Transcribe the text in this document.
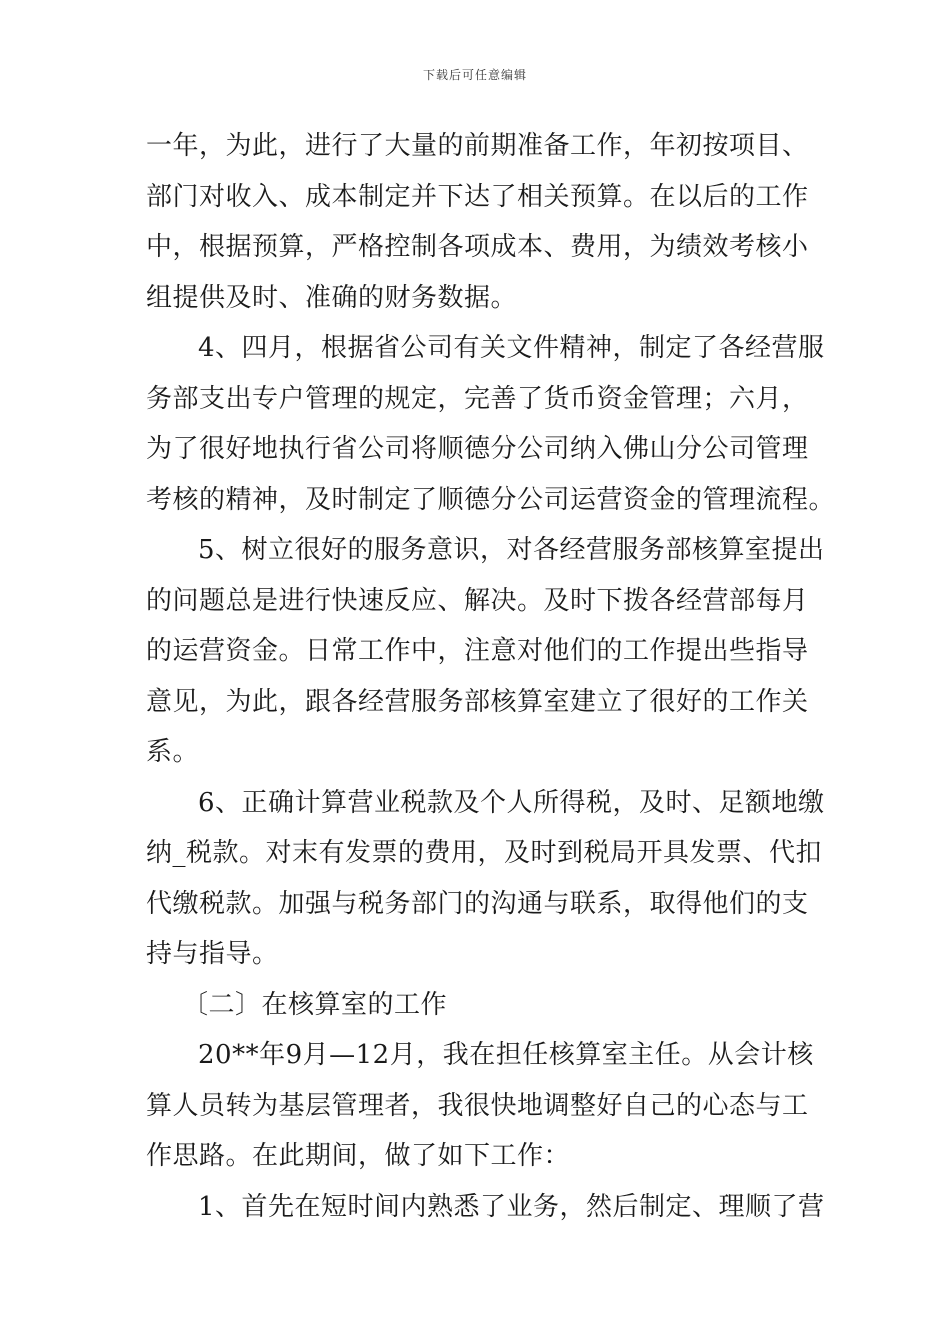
下载后可任意编辑
一年，为此，进行了大量的前期准备工作，年初按项目、
部门对收入、成本制定并下达了相关预算。在以后的工作
中，根据预算，严格控制各项成本、费用，为绩效考核小
组提供及时、准确的财务数据。
4、四月，根据省公司有关文件精神，制定了各经营服
务部支出专户管理的规定，完善了货币资金管理；六月，
为了很好地执行省公司将顺德分公司纳入佛山分公司管理
考核的精神，及时制定了顺德分公司运营资金的管理流程。
5、树立很好的服务意识，对各经营服务部核算室提出
的问题总是进行快速反应、解决。及时下拨各经营部每月
的运营资金。日常工作中，注意对他们的工作提出些指导
意见，为此，跟各经营服务部核算室建立了很好的工作关
系。
6、正确计算营业税款及个人所得税，及时、足额地缴
纳_税款。对末有发票的费用，及时到税局开具发票、代扣
代缴税款。加强与税务部门的沟通与联系，取得他们的支
持与指导。
〔二〕在核算室的工作
20**年9月—12月，我在担任核算室主任。从会计核
算人员转为基层管理者，我很快地调整好自己的心态与工
作思路。在此期间，做了如下工作：
1、首先在短时间内熟悉了业务，然后制定、理顺了营
